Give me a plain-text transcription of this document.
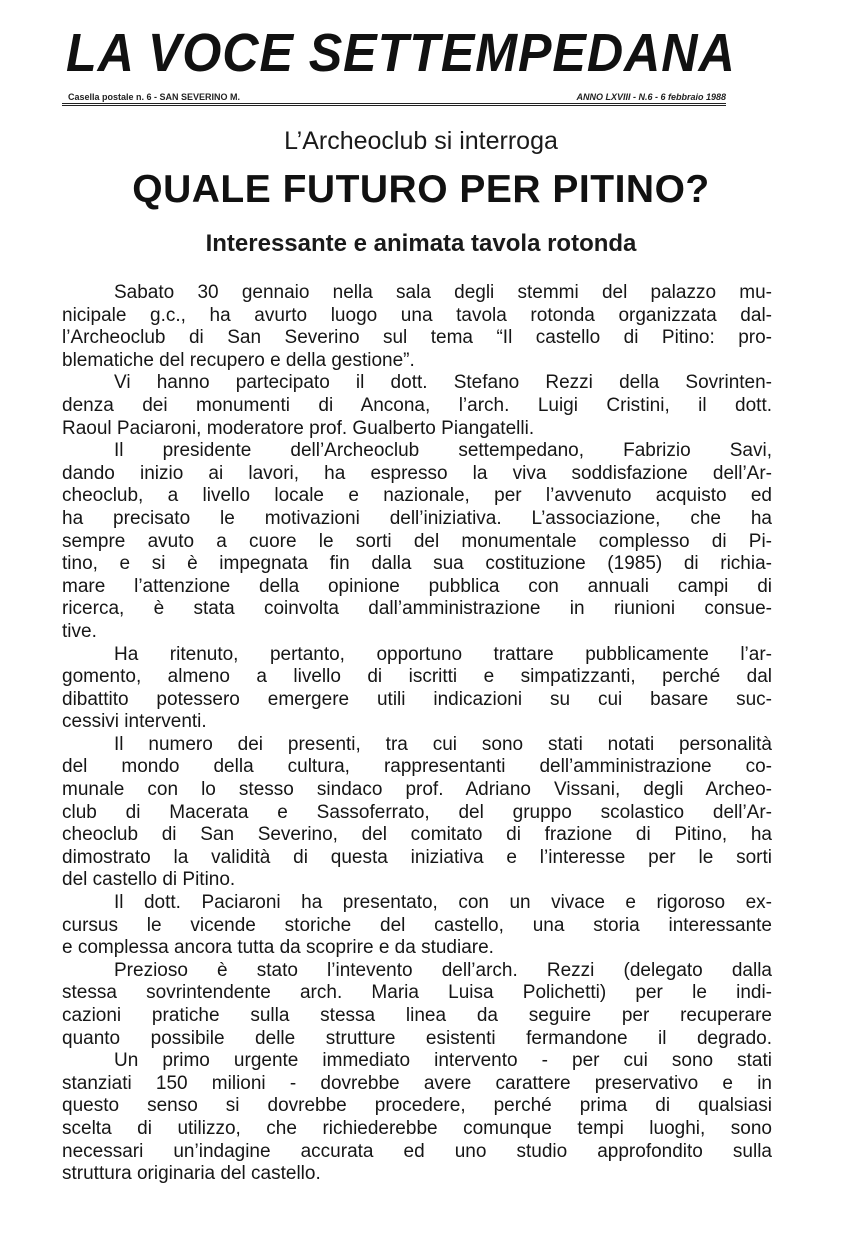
LA VOCE SETTEMPEDANA
Casella postale n. 6 - SAN SEVERINO M.	ANNO LXVIII - N.6 - 6 febbraio 1988
L’Archeoclub si interroga
QUALE FUTURO PER PITINO?
Interessante e animata tavola rotonda
Sabato 30 gennaio nella sala degli stemmi del palazzo mu-
nicipale g.c., ha avurto luogo una tavola rotonda organizzata dal-
l’Archeoclub di San Severino sul tema “Il castello di Pitino: pro-
blematiche del recupero e della gestione”.
Vi hanno partecipato il dott. Stefano Rezzi della Sovrinten-
denza dei monumenti di Ancona, l’arch. Luigi Cristini, il dott.
Raoul Paciaroni, moderatore prof. Gualberto Piangatelli.
Il presidente dell’Archeoclub settempedano, Fabrizio Savi,
dando inizio ai lavori, ha espresso la viva soddisfazione dell’Ar-
cheoclub, a livello locale e nazionale, per l’avvenuto acquisto ed
ha precisato le motivazioni dell’iniziativa. L’associazione, che ha
sempre avuto a cuore le sorti del monumentale complesso di Pi-
tino, e si è impegnata fin dalla sua costituzione (1985) di richia-
mare l’attenzione della opinione pubblica con annuali campi di
ricerca, è stata coinvolta dall’amministrazione in riunioni consue-
tive.
Ha ritenuto, pertanto, opportuno trattare pubblicamente l’ar-
gomento, almeno a livello di iscritti e simpatizzanti, perché dal
dibattito potessero emergere utili indicazioni su cui basare suc-
cessivi interventi.
Il numero dei presenti, tra cui sono stati notati personalità
del mondo della cultura, rappresentanti dell’amministrazione co-
munale con lo stesso sindaco prof. Adriano Vissani, degli Archeo-
club di Macerata e Sassoferrato, del gruppo scolastico dell’Ar-
cheoclub di San Severino, del comitato di frazione di Pitino, ha
dimostrato la validità di questa iniziativa e l’interesse per le sorti
del castello di Pitino.
Il dott. Paciaroni ha presentato, con un vivace e rigoroso ex-
cursus le vicende storiche del castello, una storia interessante
e complessa ancora tutta da scoprire e da studiare.
Prezioso è stato l’intevento dell’arch. Rezzi (delegato dalla
stessa sovrintendente arch. Maria Luisa Polichetti) per le indi-
cazioni pratiche sulla stessa linea da seguire per recuperare
quanto possibile delle strutture esistenti fermandone il degrado.
Un primo urgente immediato intervento - per cui sono stati
stanziati 150 milioni - dovrebbe avere carattere preservativo e in
questo senso si dovrebbe procedere, perché prima di qualsiasi
scelta di utilizzo, che richiederebbe comunque tempi luoghi, sono
necessari un’indagine accurata ed uno studio approfondito sulla
struttura originaria del castello.
